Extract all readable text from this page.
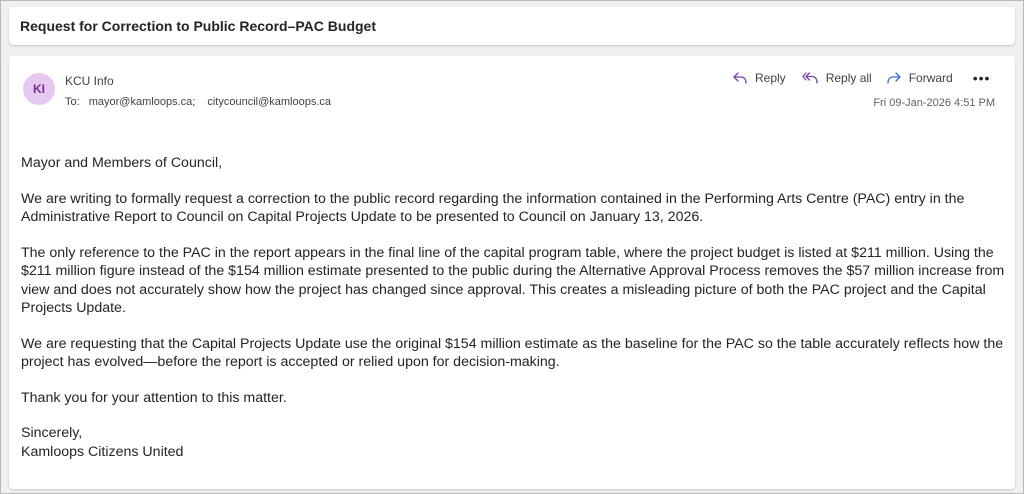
Request for Correction to Public Record–PAC Budget
KI
KCU Info
To: mayor@kamloops.ca; citycouncil@kamloops.ca
Reply	Reply all	Forward •••
Fri 09-Jan-2026 4:51 PM

Mayor and Members of Council,

We are writing to formally request a correction to the public record regarding the information contained in the Performing Arts Centre (PAC) entry in the Administrative Report to Council on Capital Projects Update to be presented to Council on January 13, 2026.

The only reference to the PAC in the report appears in the final line of the capital program table, where the project budget is listed at $211 million. Using the $211 million figure instead of the $154 million estimate presented to the public during the Alternative Approval Process removes the $57 million increase from view and does not accurately show how the project has changed since approval. This creates a misleading picture of both the PAC project and the Capital Projects Update.

We are requesting that the Capital Projects Update use the original $154 million estimate as the baseline for the PAC so the table accurately reflects how the project has evolved—before the report is accepted or relied upon for decision-making.

Thank you for your attention to this matter.

Sincerely,

Kamloops Citizens United
